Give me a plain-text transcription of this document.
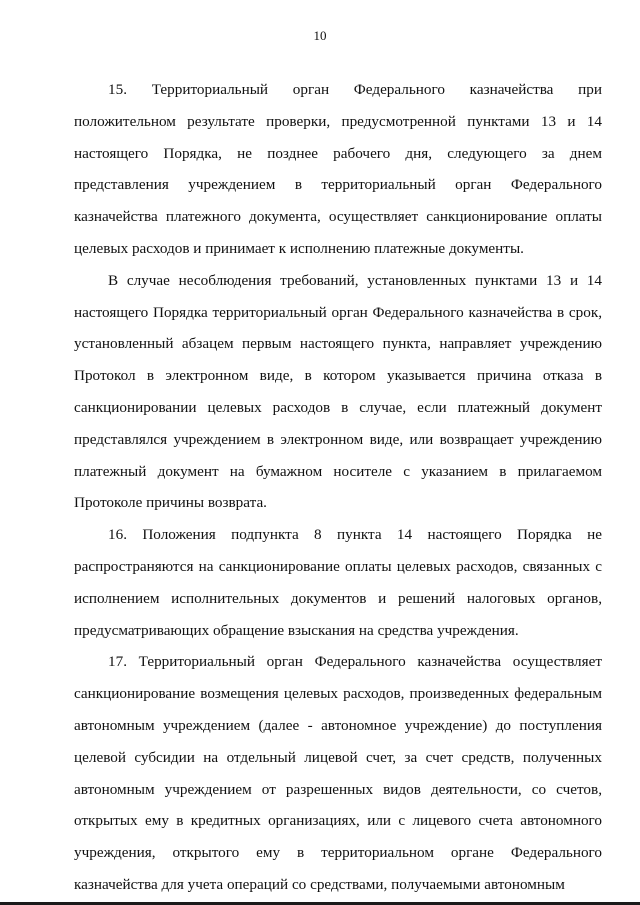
10

15. Территориальный орган Федерального казначейства при положительном результате проверки, предусмотренной пунктами 13 и 14 настоящего Порядка, не позднее рабочего дня, следующего за днем представления учреждением в территориальный орган Федерального казначейства платежного документа, осуществляет санкционирование оплаты целевых расходов и принимает к исполнению платежные документы.

В случае несоблюдения требований, установленных пунктами 13 и 14 настоящего Порядка территориальный орган Федерального казначейства в срок, установленный абзацем первым настоящего пункта, направляет учреждению Протокол в электронном виде, в котором указывается причина отказа в санкционировании целевых расходов в случае, если платежный документ представлялся учреждением в электронном виде, или возвращает учреждению платежный документ на бумажном носителе с указанием в прилагаемом Протоколе причины возврата.

16. Положения подпункта 8 пункта 14 настоящего Порядка не распространяются на санкционирование оплаты целевых расходов, связанных с исполнением исполнительных документов и решений налоговых органов, предусматривающих обращение взыскания на средства учреждения.

17. Территориальный орган Федерального казначейства осуществляет санкционирование возмещения целевых расходов, произведенных федеральным автономным учреждением (далее - автономное учреждение) до поступления целевой субсидии на отдельный лицевой счет, за счет средств, полученных автономным учреждением от разрешенных видов деятельности, со счетов, открытых ему в кредитных организациях, или с лицевого счета автономного учреждения, открытого ему в территориальном органе Федерального казначейства для учета операций со средствами, получаемыми автономным
